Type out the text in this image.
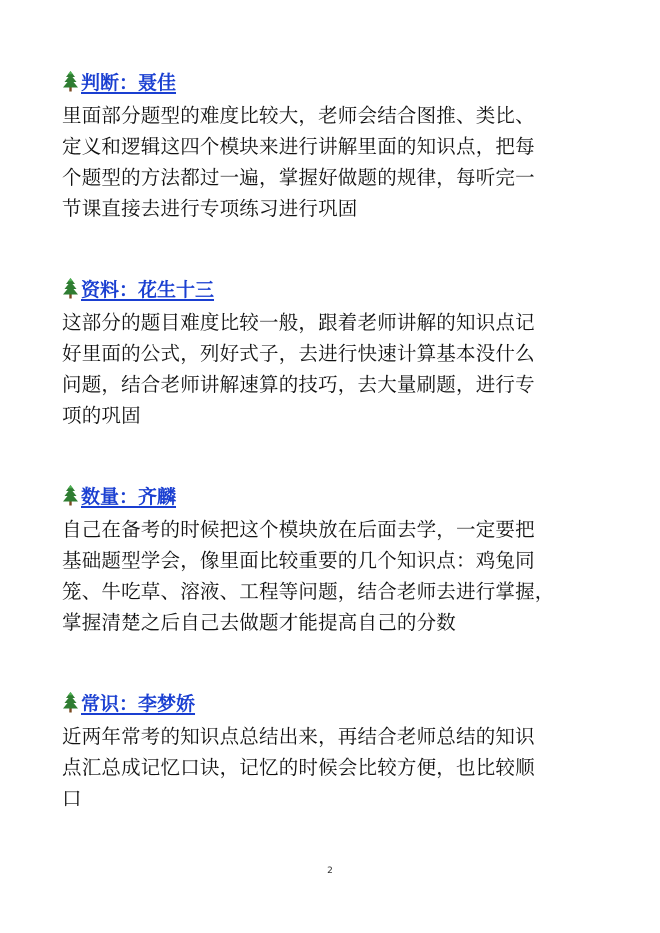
判断：聂佳

里面部分题型的难度比较大，老师会结合图推、类比、
定义和逻辑这四个模块来进行讲解里面的知识点，把每
个题型的方法都过一遍，掌握好做题的规律，每听完一
节课直接去进行专项练习进行巩固

资料：花生十三

这部分的题目难度比较一般，跟着老师讲解的知识点记
好里面的公式，列好式子，去进行快速计算基本没什么
问题，结合老师讲解速算的技巧，去大量刷题，进行专
项的巩固

数量：齐麟

自己在备考的时候把这个模块放在后面去学，一定要把
基础题型学会，像里面比较重要的几个知识点：鸡兔同
笼、牛吃草、溶液、工程等问题，结合老师去进行掌握，
掌握清楚之后自己去做题才能提高自己的分数

常识：李梦娇

近两年常考的知识点总结出来，再结合老师总结的知识
点汇总成记忆口诀，记忆的时候会比较方便，也比较顺
口

2
